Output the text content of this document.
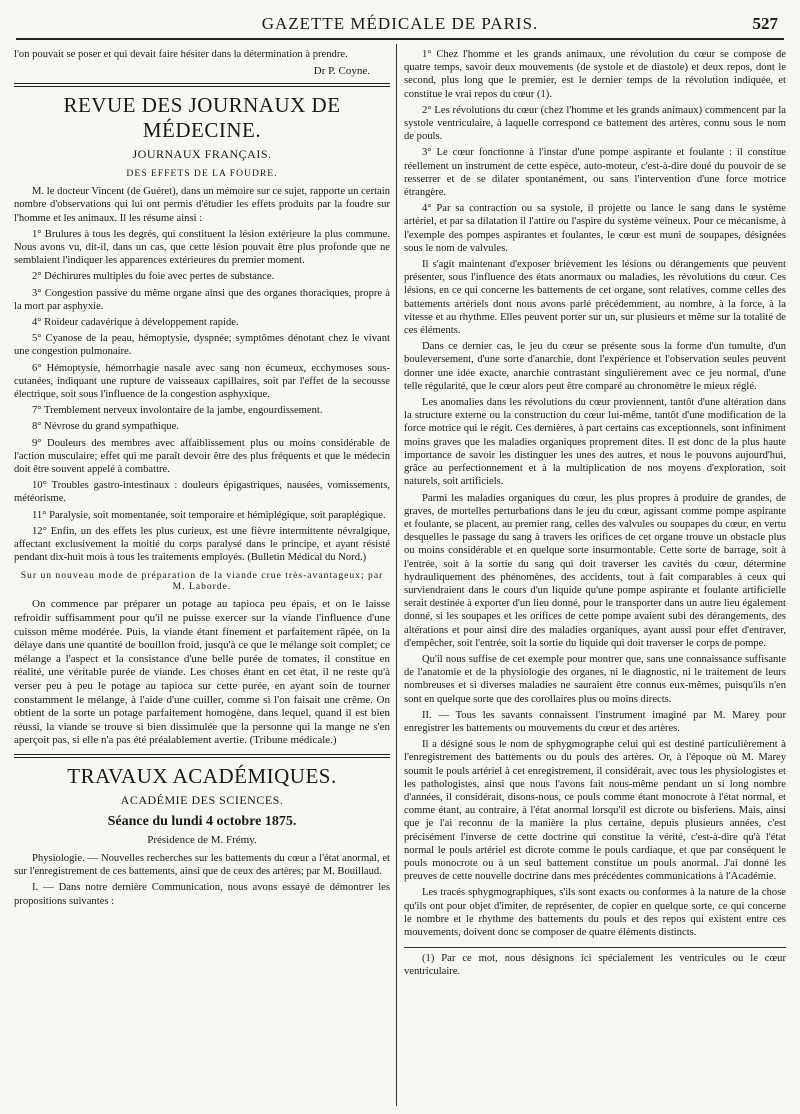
GAZETTE MÉDICALE DE PARIS.	527

l'on pouvait se poser et qui devait faire hésiter dans la détermination à prendre.

Dr P. Coyne.
REVUE DES JOURNAUX DE MÉDECINE.
JOURNAUX FRANÇAIS.
DES EFFETS DE LA FOUDRE.

M. le docteur Vincent (de Guéret), dans un mémoire sur ce sujet, rapporte un certain nombre d'observations qui lui ont permis d'étudier les effets produits par la foudre sur l'homme et les animaux. Il les résume ainsi :

1° Brulures à tous les degrés, qui constituent la lésion extérieure la plus commune. Nous avons vu, dit-il, dans un cas, que cette lésion pouvait être plus profonde que ne semblaient l'indiquer les apparences extérieures du premier moment.

2° Déchirures multiples du foie avec pertes de substance.

3° Congestion passive du même organe ainsi que des organes thoraciques, propre à la mort par asphyxie.

4° Roideur cadavérique à développement rapide.

5° Cyanose de la peau, hémoptysie, dyspnée; symptômes dénotant chez le vivant une congestion pulmonaire.

6° Hémoptysie, hémorrhagie nasale avec sang non écumeux, ecchymoses sous-cutanées, indiquant une rupture de vaisseaux capillaires, soit par l'effet de la secousse électrique, soit sous l'influence de la congestion asphyxique.

7° Tremblement nerveux involontaire de la jambe, engourdissement.

8° Névrose du grand sympathique.

9° Douleurs des membres avec affaiblissement plus ou moins considérable de l'action musculaire; effet qui me paraît devoir être des plus fréquents et que le médecin doit être souvent appelé à combattre.

10° Troubles gastro-intestinaux : douleurs épigastriques, nausées, vomissements, météorisme.

11° Paralysie, soit momentanée, soit temporaire et hémiplégique, soit paraplégique.

12° Enfin, un des effets les plus curieux, est une fièvre intermittente névralgique, affectant exclusivement la moitié du corps paralysé dans le principe, et ayant résisté pendant dix-huit mois à tous les traitements employés. (Bulletin Médical du Nord.)

Sur un nouveau mode de préparation de la viande crue très-avantageux; par M. Laborde.

On commence par préparer un potage au tapioca peu épais, et on le laisse refroidir suffisamment pour qu'il ne puisse exercer sur la viande l'influence d'une cuisson même modérée. Puis, la viande étant finement et parfaitement râpée, on la délaye dans une quantité de bouillon froid, jusqu'à ce que le mélange soit complet; ce mélange a l'aspect et la consistance d'une belle purée de tomates, il constitue en réalité, une véritable purée de viande. Les choses étant en cet état, il ne reste qu'à verser peu à peu le potage au tapioca sur cette purée, en ayant soin de tourner constamment le mélange, à l'aide d'une cuiller, comme si l'on faisait une crême. On obtient de la sorte un potage parfaitement homogène, dans lequel, quand il est bien réussi, la viande se trouve si bien dissimulée que la personne qui la mange ne s'en aperçoit pas, si elle n'a pas été préalablement avertie. (Tribune médicale.)

TRAVAUX ACADÉMIQUES.
ACADÉMIE DES SCIENCES.
Séance du lundi 4 octobre 1875.
Présidence de M. Frémy.

Physiologie. — Nouvelles recherches sur les battements du cœur a l'état anormal, et sur l'enregistrement de ces battements, ainsi que de ceux des artères; par M. Bouillaud.

I. — Dans notre dernière Communication, nous avons essayé de démontrer les propositions suivantes :

1° Chez l'homme et les grands animaux, une révolution du cœur se compose de quatre temps, savoir deux mouvements (de systole et de diastole) et deux repos, dont le second, plus long que le premier, est le dernier temps de la révolution indiquée, et constitue le vrai repos du cœur (1).

2° Les révolutions du cœur (chez l'homme et les grands animaux) commencent par la systole ventriculaire, à laquelle correspond ce battement des artères, connu sous le nom de pouls.

3° Le cœur fonctionne à l'instar d'une pompe aspirante et foulante : il constitue réellement un instrument de cette espèce, auto-moteur, c'est-à-dire doué du pouvoir de se resserrer et de se dilater spontanément, ou sans l'intervention d'une force motrice étrangère.

4° Par sa contraction ou sa systole, il projette ou lance le sang dans le système artériel, et par sa dilatation il l'attire ou l'aspire du système veineux. Pour ce mécanisme, à l'exemple des pompes aspirantes et foulantes, le cœur est muni de soupapes, désignées sous le nom de valvules.

Il s'agit maintenant d'exposer brièvement les lésions ou dérangements que peuvent présenter, sous l'influence des états anormaux ou maladies, les révolutions du cœur. Ces lésions, en ce qui concerne les battements de cet organe, sont relatives, comme celles des battements artériels dont nous avons parlé précédemment, au nombre, à la force, à la vitesse et au rhythme. Elles peuvent porter sur un, sur plusieurs et même sur la totalité de ces éléments.

Dans ce dernier cas, le jeu du cœur se présente sous la forme d'un tumulte, d'un bouleversement, d'une sorte d'anarchie, dont l'expérience et l'observation seules peuvent donner une idée exacte, anarchie contrastant singulièrement avec ce jeu normal, d'une telle régularité, que le cœur alors peut être comparé au chronomètre le mieux réglé.

Les anomalies dans les révolutions du cœur proviennent, tantôt d'une altération dans la structure externe ou la construction du cœur lui-même, tantôt d'une modification de la force motrice qui le régit. Ces dernières, à part certains cas exceptionnels, sont infiniment moins graves que les maladies organiques proprement dites. Il est donc de la plus haute importance de savoir les distinguer les unes des autres, et nous le pouvons aujourd'hui, grâce au perfectionnement et à la multiplication de nos moyens d'exploration, soit naturels, soit artificiels.

Parmi les maladies organiques du cœur, les plus propres à produire de grandes, de graves, de mortelles perturbations dans le jeu du cœur, agissant comme pompe aspirante et foulante, se placent, au premier rang, celles des valvules ou soupapes du cœur, en vertu desquelles le passage du sang à travers les orifices de cet organe trouve un obstacle plus ou moins considérable et en quelque sorte insurmontable. Cette sorte de barrage, soit à l'entrée, soit à la sortie du sang qui doit traverser les cavités du cœur, détermine hydrauliquement des phénomènes, des accidents, tout à fait comparables à ceux qui surviendraient dans le cours d'un liquide qu'une pompe aspirante et foulante artificielle serait destinée à exporter d'un lieu donné, pour le transporter dans un autre lieu également donné, si les soupapes et les orifices de cette pompe avaient subi des dérangements, des altérations et pour ainsi dire des maladies organiques, ayant aussi pour effet d'entraver, d'empêcher, soit l'entrée, soit la sortie du liquide qui doit traverser le corps de pompe.

Qu'il nous suffise de cet exemple pour montrer que, sans une connaissance suffisante de l'anatomie et de la physiologie des organes, ni le diagnostic, ni le traitement de leurs nombreuses et si diverses maladies ne sauraient être connus eux-mêmes, puisqu'ils n'en sont en quelque sorte que des corollaires plus ou moins directs.

II. — Tous les savants connaissent l'instrument imaginé par M. Marey pour enregistrer les battements ou mouvements du cœur et des artères.

Il a désigné sous le nom de sphygmographe celui qui est destiné particulièrement à l'enregistrement des battements ou du pouls des artères. Or, à l'époque où M. Marey soumit le pouls artériel à cet enregistrement, il considérait, avec tous les physiologistes et les pathologistes, ainsi que nous l'avons fait nous-même pendant un si long nombre d'années, il considérait, disons-nous, ce pouls comme étant monocrote à l'état normal, et comme étant, au contraire, à l'état anormal lorsqu'il est dicrote ou bisferiens. Mais, ainsi que je l'ai reconnu de la manière la plus certaine, depuis plusieurs années, c'est précisément l'inverse de cette doctrine qui constitue la vérité, c'est-à-dire qu'à l'état normal le pouls artériel est dicrote comme le pouls cardiaque, et que par conséquent le pouls monocrote ou à un seul battement constitue un pouls anormal. J'ai donné les preuves de cette nouvelle doctrine dans mes précédentes communications à l'Académie.

Les tracés sphygmographiques, s'ils sont exacts ou conformes à la nature de la chose qu'ils ont pour objet d'imiter, de représenter, de copier en quelque sorte, ce qui concerne le nombre et le rhythme des battements du pouls et des repos qui existent entre ces mouvements, doivent donc se composer de quatre éléments distincts.

(1) Par ce mot, nous désignons ici spécialement les ventricules ou le cœur ventriculaire.
